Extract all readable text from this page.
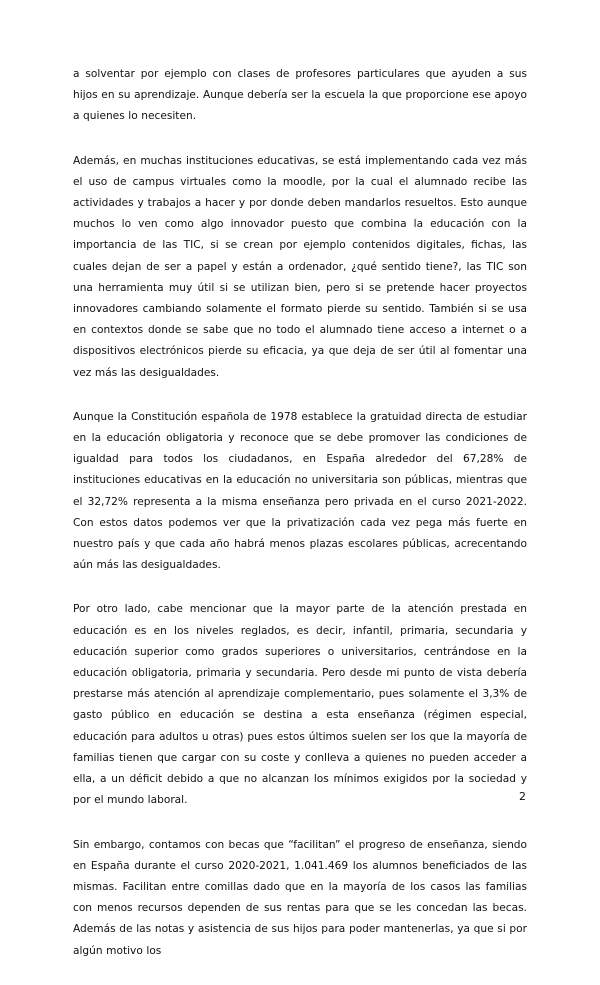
a solventar por ejemplo con clases de profesores particulares que ayuden a sus hijos en su aprendizaje. Aunque debería ser la escuela la que proporcione ese apoyo a quienes lo necesiten.

Además, en muchas instituciones educativas, se está implementando cada vez más el uso de campus virtuales como la moodle, por la cual el alumnado recibe las actividades y trabajos a hacer y por donde deben mandarlos resueltos. Esto aunque muchos lo ven como algo innovador puesto que combina la educación con la importancia de las TIC, si se crean por ejemplo contenidos digitales, fichas, las cuales dejan de ser a papel y están a ordenador, ¿qué sentido tiene?, las TIC son una herramienta muy útil si se utilizan bien, pero si se pretende hacer proyectos innovadores cambiando solamente el formato pierde su sentido. También si se usa en contextos donde se sabe que no todo el alumnado tiene acceso a internet o a dispositivos electrónicos pierde su eficacia, ya que deja de ser útil al fomentar una vez más las desigualdades.

Aunque la Constitución española de 1978 establece la gratuidad directa de estudiar en la educación obligatoria y reconoce que se debe promover las condiciones de igualdad para todos los ciudadanos, en España alrededor del 67,28% de instituciones educativas en la educación no universitaria son públicas, mientras que el 32,72% representa a la misma enseñanza pero privada en el curso 2021-2022. Con estos datos podemos ver que la privatización cada vez pega más fuerte en nuestro país y que cada año habrá menos plazas escolares públicas, acrecentando aún más las desigualdades.

Por otro lado, cabe mencionar que la mayor parte de la atención prestada en educación es en los niveles reglados, es decir, infantil, primaria, secundaria y educación superior como grados superiores o universitarios, centrándose en la educación obligatoria, primaria y secundaria. Pero desde mi punto de vista debería prestarse más atención al aprendizaje complementario, pues solamente el 3,3% de gasto público en educación se destina a esta enseñanza (régimen especial, educación para adultos u otras) pues estos últimos suelen ser los que la mayoría de familias tienen que cargar con su coste y conlleva a quienes no pueden acceder a ella, a un déficit debido a que no alcanzan los mínimos exigidos por la sociedad y por el mundo laboral.

Sin embargo, contamos con becas que “facilitan” el progreso de enseñanza, siendo en España durante el curso 2020-2021, 1.041.469 los alumnos beneficiados de las mismas. Facilitan entre comillas dado que en la mayoría de los casos las familias con menos recursos dependen de sus rentas para que se les concedan las becas. Además de las notas y asistencia de sus hijos para poder mantenerlas, ya que si por algún motivo los

2
